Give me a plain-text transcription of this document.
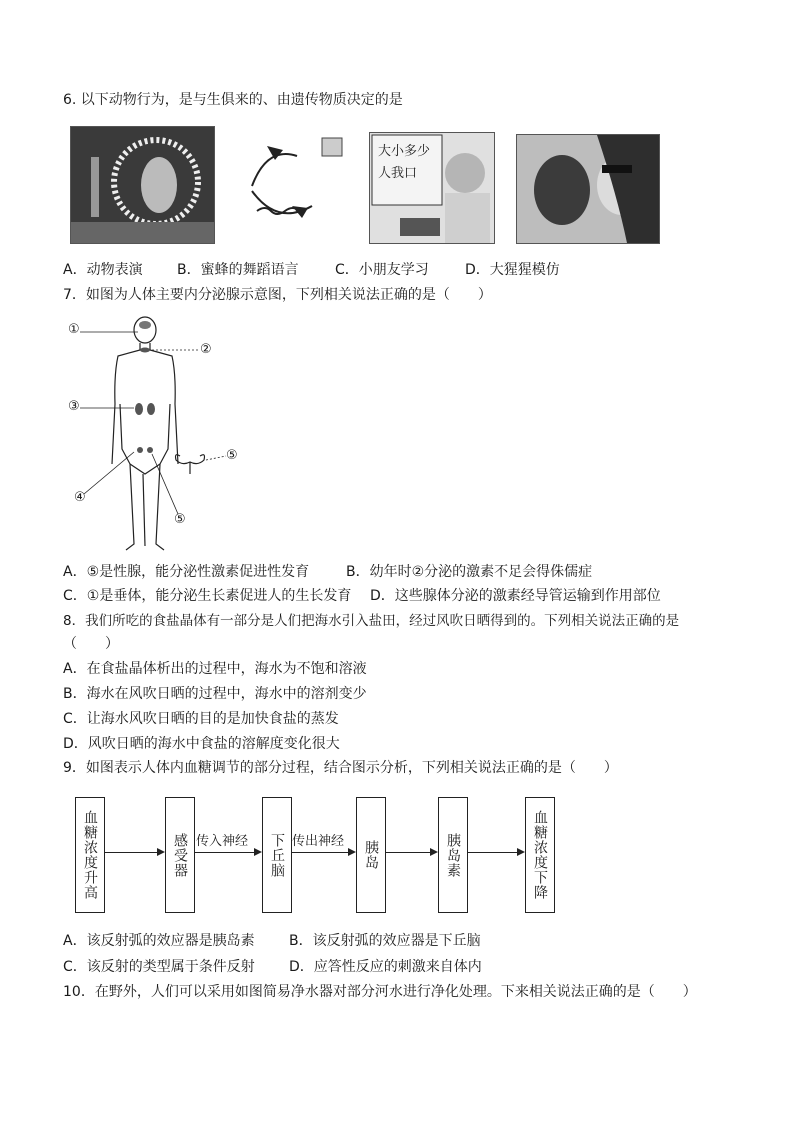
6. 以下动物行为，是与生俱来的、由遗传物质决定的是
大小多少
人我口
A．动物表演 B．蜜蜂的舞蹈语言	C．小朋友学习	D．大猩猩模仿
7．如图为人体主要内分泌腺示意图，下列相关说法正确的是（　　）
①
②
③
④
⑤
⑤
A．⑤是性腺，能分泌性激素促进性发育	B．幼年时②分泌的激素不足会得侏儒症
C．①是垂体，能分泌生长素促进人的生长发育 D．这些腺体分泌的激素经导管运输到作用部位
8．我们所吃的食盐晶体有一部分是人们把海水引入盐田，经过风吹日晒得到的。下列相关说法正确的是
（　　）
A．在食盐晶体析出的过程中，海水为不饱和溶液
B．海水在风吹日晒的过程中，海水中的溶剂变少
C．让海水风吹日晒的目的是加快食盐的蒸发
D．风吹日晒的海水中食盐的溶解度变化很大
9．如图表示人体内血糖调节的部分过程，结合图示分析，下列相关说法正确的是（　　）
血糖浓度升高	感受器	下丘脑	胰岛	胰岛素	血糖浓度下降
传入神经	传出神经
A．该反射弧的效应器是胰岛素 B．该反射弧的效应器是下丘脑
C．该反射的类型属于条件反射 D．应答性反应的刺激来自体内
10．在野外，人们可以采用如图简易净水器对部分河水进行净化处理。下来相关说法正确的是（　　）
